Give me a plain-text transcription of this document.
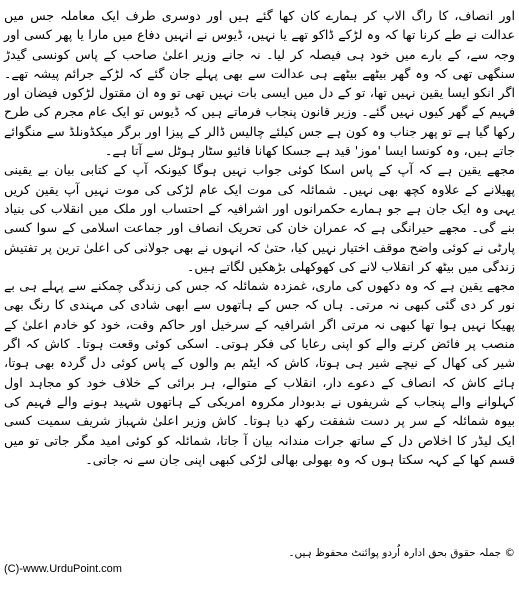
اور انصاف، کا راگ الاپ کر ہمارے کان کھا گئے ہیں اور دوسری طرف ایک معاملہ جس میں عدالت نے طے کرنا تھا کہ وہ لڑکے ڈاکو تھے یا نہیں، ڈیوس نے انہیں دفاع میں مارا یا پھر کسی اور وجہ سے، کے بارے میں خود ہی فیصلہ کر لیا۔ نہ جانے وزیر اعلیٰ صاحب کے پاس کونسی گیدڑ سنگھی تھی کہ وہ گھر بیٹھے بیٹھے ہی عدالت سے بھی پہلے جان گئے کہ لڑکے جرائم پیشہ تھے۔ اگر انکو ایسا یقین نہیں تھا، تو کے دل میں ایسی بات نہیں تھی تو وہ ان مقتول لڑکوں فیضان اور فہیم کے گھر کیوں نہیں گئے۔ وزیر قانون پنجاب فرماتے ہیں کہ ڈیوس تو ایک عام مجرم کی طرح رکھا گیا ہے تو پھر جناب وہ کون ہے جس کیلئے چالیس ڈالر کے پیزا اور برگر میکڈونلڈ سے منگوائے جاتے ہیں، وہ کونسا ایسا 'موز' قید ہے جسکا کھانا فائیو سٹار ہوٹل سے آتا ہے۔

مجھے یقین ہے کہ آپ کے پاس اسکا کوئی جواب نہیں ہوگا کیونکہ آپ کے کتابی بیان بے یقینی پھیلانے کے علاوہ کچھ بھی نہیں۔ شمائلہ کی موت ایک عام لڑکی کی موت نہیں آپ یقین کریں یہی وہ ایک جان ہے جو ہمارے حکمرانوں اور اشرافیہ کے احتساب اور ملک میں انقلاب کی بنیاد بنے گی۔ مجھے حیرانگی ہے کہ عمران خان کی تحریک انصاف اور جماعت اسلامی کے سوا کسی پارٹی نے کوئی واضح موقف اختیار نہیں کیا، حتیٰ کہ انہوں نے بھی جولانی کی اعلیٰ ترین پر تفتیش زندگی میں بیٹھ کر انقلاب لانے کی کھوکھلی بڑھکیں لگاتے ہیں۔

مجھے یقین ہے کہ وہ دکھوں کی ماری، غمزدہ شمائلہ کہ جس کی زندگی چمکنے سے پہلے ہی بے نور کر دی گئی کبھی نہ مرتی۔ ہاں کہ جس کے ہاتھوں سے ابھی شادی کی مہندی کا رنگ بھی پھیکا نہیں ہوا تھا کبھی نہ مرتی اگر اشرافیہ کے سرخیل اور حاکم وقت، خود کو خادم اعلیٰ کے منصب پر فائض کرنے والے کو اپنی رعایا کی فکر ہوتی۔ اسکی کوئی وقعت ہوتا۔ کاش کہ اگر شیر کی کھال کے نیچے شیر ہی ہوتا، کاش کہ ایٹم بم والوں کے پاس کوئی دل گردہ بھی ہوتا، ہائے کاش کہ انصاف کے دعوے دار، انقلاب کے متوالے، ہر برائی کے خلاف خود کو مجاہد اول کہلوانے والے پنجاب کے شریفوں نے بدبودار مکروہ امریکی کے ہاتھوں شہید ہونے والے فہیم کی بیوہ شمائلہ کے سر پر دست شفقت رکھ دیا ہوتا۔ کاش وزیر اعلیٰ شہباز شریف سمیت کسی ایک لیڈر کا اخلاص دل کے ساتھ جرات مندانہ بیان آ جاتا، شمائلہ کو کوئی امید مگر جاتی تو میں قسم کھا کے کہہ سکتا ہوں کہ وہ بھولی بھالی لڑکی کبھی اپنی جان سے نہ جاتی۔

© جملہ حقوق بحق ادارہ اُردو پوائنٹ محفوظ ہیں۔
(C)-www.UrduPoint.com
